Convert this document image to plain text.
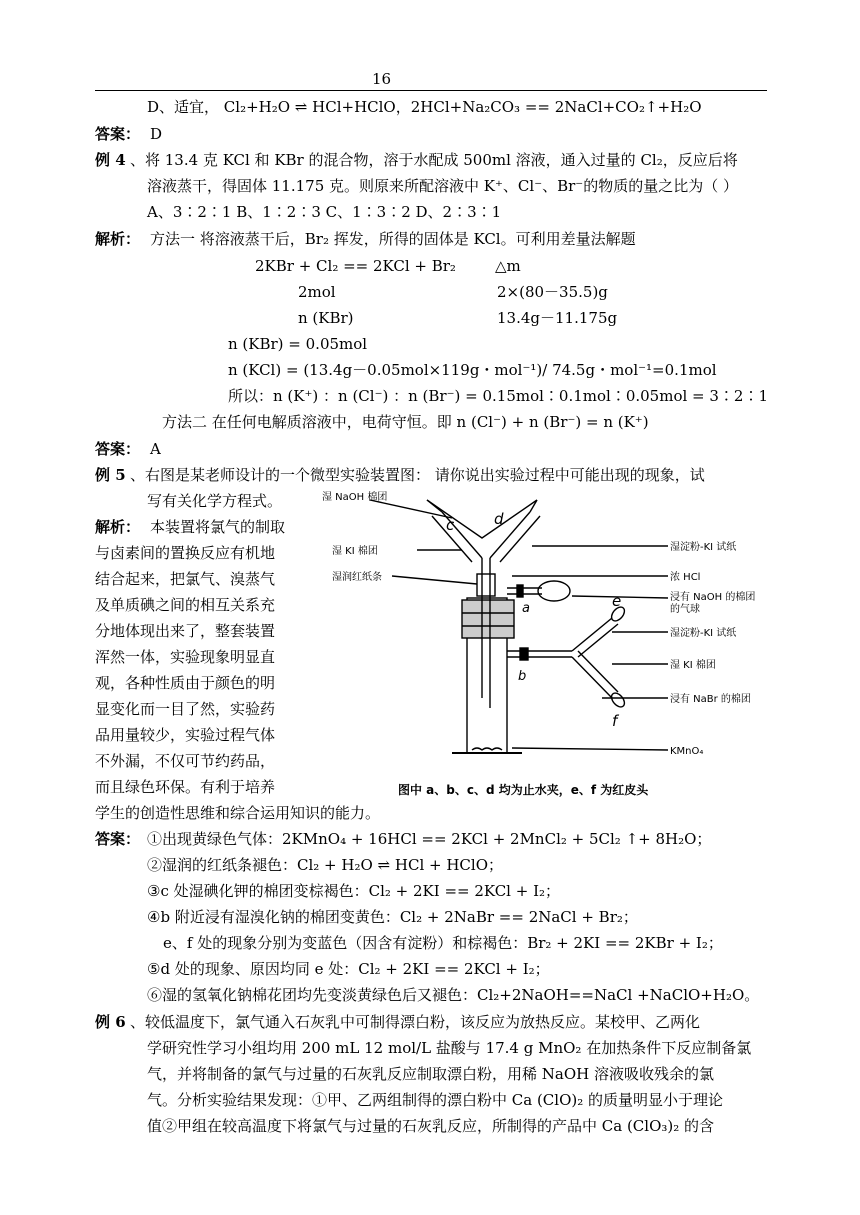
16
D、适宜， Cl₂+H₂O ⇌ HCl+HClO，2HCl+Na₂CO₃ == 2NaCl+CO₂↑+H₂O
答案： D
例 4 、将 13.4 克 KCl 和 KBr 的混合物，溶于水配成 500ml 溶液，通入过量的 Cl₂，反应后将
溶液蒸干，得固体 11.175 克。则原来所配溶液中 K⁺、Cl⁻、Br⁻的物质的量之比为（ ）
A、3∶2∶1 B、1∶2∶3 C、1∶3∶2 D、2∶3∶1
解析： 方法一 将溶液蒸干后，Br₂ 挥发，所得的固体是 KCl。可利用差量法解题
2KBr + Cl₂ == 2KCl + Br₂	△m
2mol	2×(80－35.5)g
n (KBr)	13.4g－11.175g
n (KBr) = 0.05mol
n (KCl) = (13.4g－0.05mol×119g・mol⁻¹)/ 74.5g・mol⁻¹=0.1mol
所以：n (K⁺) ：n (Cl⁻) ：n (Br⁻) = 0.15mol∶0.1mol∶0.05mol = 3∶2∶1
方法二 在任何电解质溶液中，电荷守恒。即 n (Cl⁻) + n (Br⁻) = n (K⁺)
答案： A
例 5 、右图是某老师设计的一个微型实验装置图： 请你说出实验过程中可能出现的现象，试
写有关化学方程式。
解析： 本装置将氯气的制取
与卤素间的置换反应有机地
结合起来，把氯气、溴蒸气
及单质碘之间的相互关系充
分地体现出来了，整套装置
浑然一体，实验现象明显直
观，各种性质由于颜色的明
显变化而一目了然，实验药
品用量较少，实验过程气体
不外漏，不仅可节约药品，
而且绿色环保。有利于培养
学生的创造性思维和综合运用知识的能力。
答案： ①出现黄绿色气体：2KMnO₄ + 16HCl == 2KCl + 2MnCl₂ + 5Cl₂ ↑+ 8H₂O；
②湿润的红纸条褪色：Cl₂ + H₂O ⇌ HCl + HClO；
③c 处湿碘化钾的棉团变棕褐色：Cl₂ + 2KI == 2KCl + I₂；
④b 附近浸有湿溴化钠的棉团变黄色：Cl₂ + 2NaBr == 2NaCl + Br₂；
e、f 处的现象分别为变蓝色（因含有淀粉）和棕褐色：Br₂ + 2KI == 2KBr + I₂；
⑤d 处的现象、原因均同 e 处：Cl₂ + 2KI == 2KCl + I₂；
⑥湿的氢氧化钠棉花团均先变淡黄绿色后又褪色：Cl₂+2NaOH==NaCl +NaClO+H₂O。
例 6 、较低温度下，氯气通入石灰乳中可制得漂白粉，该反应为放热反应。某校甲、乙两化
学研究性学习小组均用 200 mL 12 mol/L 盐酸与 17.4 g MnO₂ 在加热条件下反应制备氯
气，并将制备的氯气与过量的石灰乳反应制取漂白粉，用稀 NaOH 溶液吸收残余的氯
气。分析实验结果发现：①甲、乙两组制得的漂白粉中 Ca (ClO)₂ 的质量明显小于理论
值②甲组在较高温度下将氯气与过量的石灰乳反应，所制得的产品中 Ca (ClO₃)₂ 的含
湿 NaOH 棉团
湿 KI 棉团
湿润红纸条
湿淀粉-KI 试纸
浓 HCl
浸有 NaOH 的棉团
的气球
湿淀粉-KI 试纸
湿 KI 棉团
浸有 NaBr 的棉团
KMnO₄
a
b
c	d
e
f
图中 a、b、c、d 均为止水夹，e、f 为红皮头
